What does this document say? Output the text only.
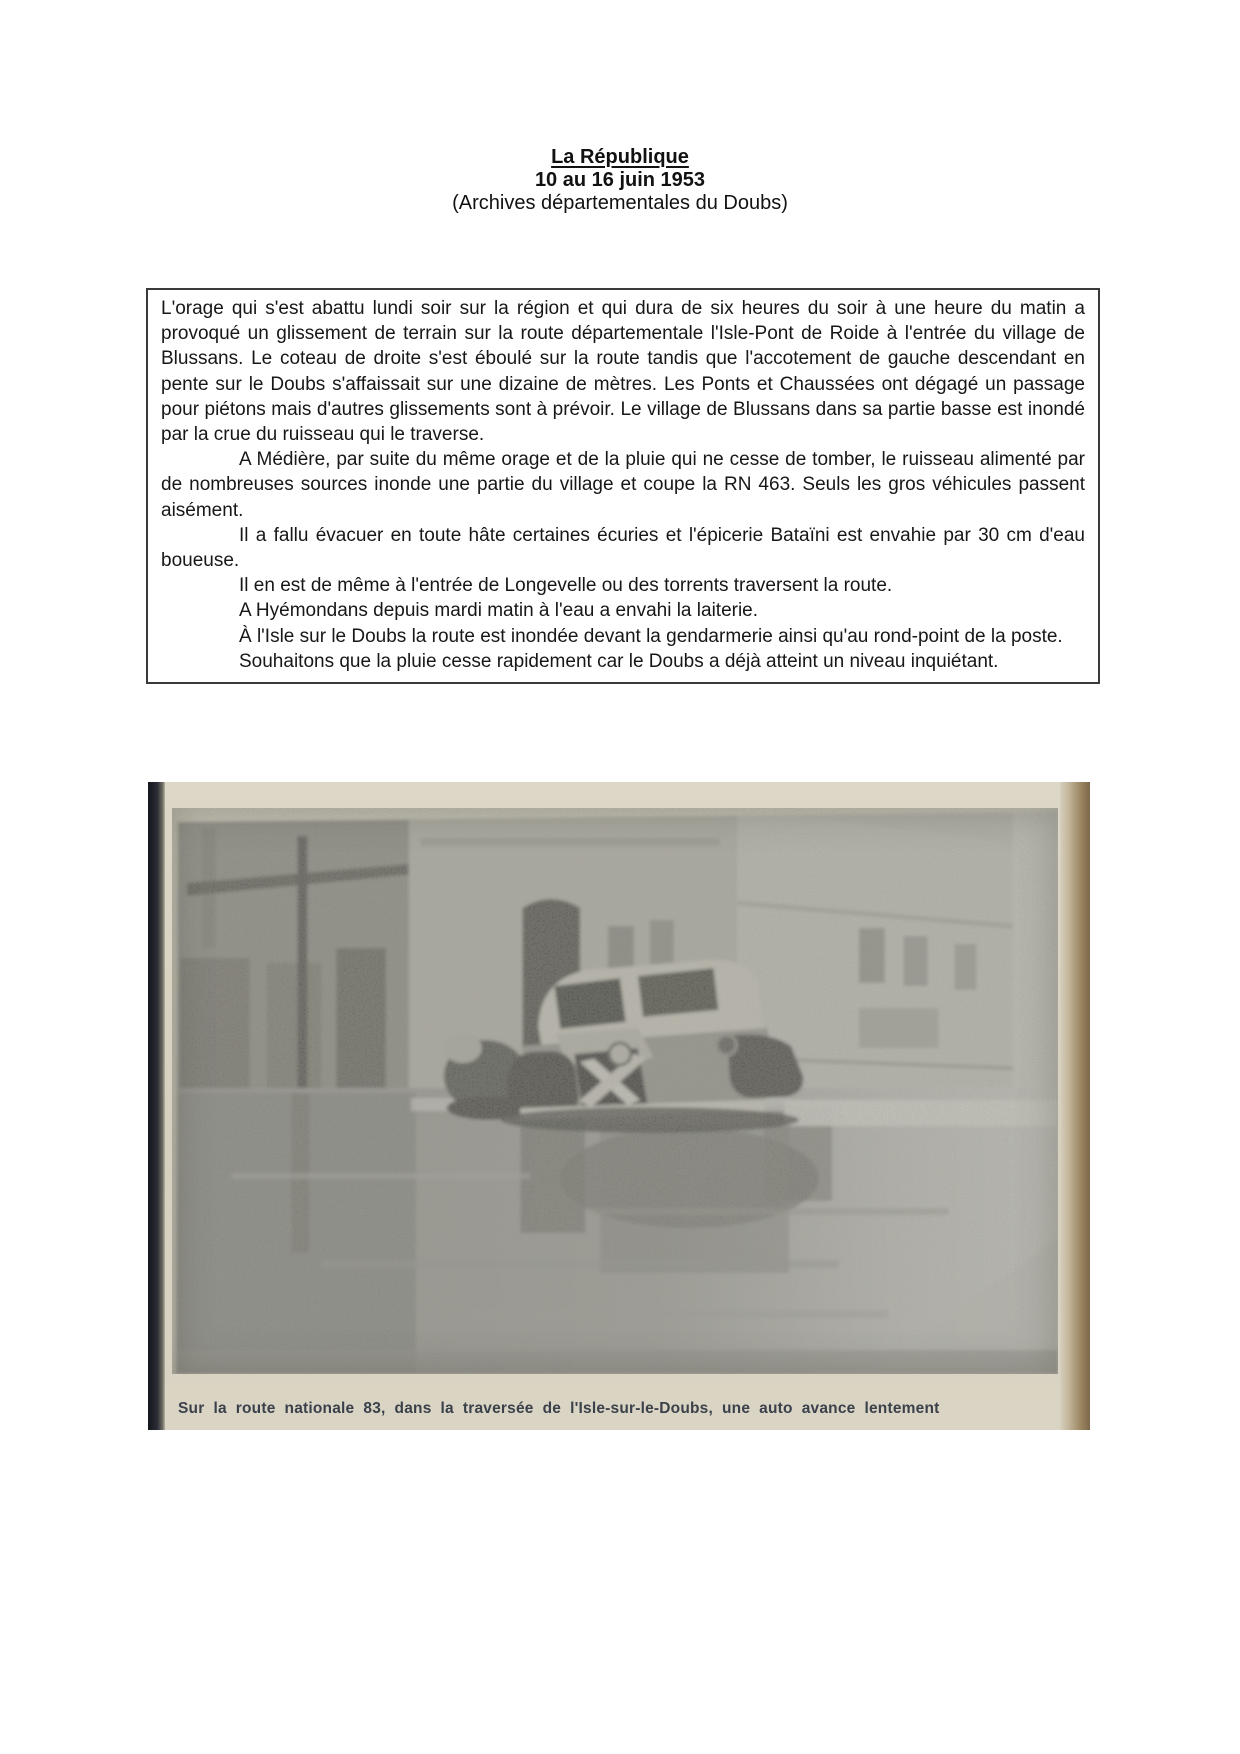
La République
10 au 16 juin 1953
(Archives départementales du Doubs)

L'orage qui s'est abattu lundi soir sur la région et qui dura de six heures du soir à une heure du matin a provoqué un glissement de terrain sur la route départementale l'Isle-Pont de Roide à l'entrée du village de Blussans. Le coteau de droite s'est éboulé sur la route tandis que l'accotement de gauche descendant en pente sur le Doubs s'affaissait sur une dizaine de mètres. Les Ponts et Chaussées ont dégagé un passage pour piétons mais d'autres glissements sont à prévoir. Le village de Blussans dans sa partie basse est inondé par la crue du ruisseau qui le traverse.

A Médière, par suite du même orage et de la pluie qui ne cesse de tomber, le ruisseau alimenté par de nombreuses sources inonde une partie du village et coupe la RN 463. Seuls les gros véhicules passent aisément.

Il a fallu évacuer en toute hâte certaines écuries et l'épicerie Bataïni est envahie par 30 cm d'eau boueuse.

Il en est de même à l'entrée de Longevelle ou des torrents traversent la route.

A Hyémondans depuis mardi matin à l'eau a envahi la laiterie.

À l'Isle sur le Doubs la route est inondée devant la gendarmerie ainsi qu'au rond-point de la poste.

Souhaitons que la pluie cesse rapidement car le Doubs a déjà atteint un niveau inquiétant.

Sur la route nationale 83, dans la traversée de l'Isle-sur-le-Doubs, une auto avance lentement
